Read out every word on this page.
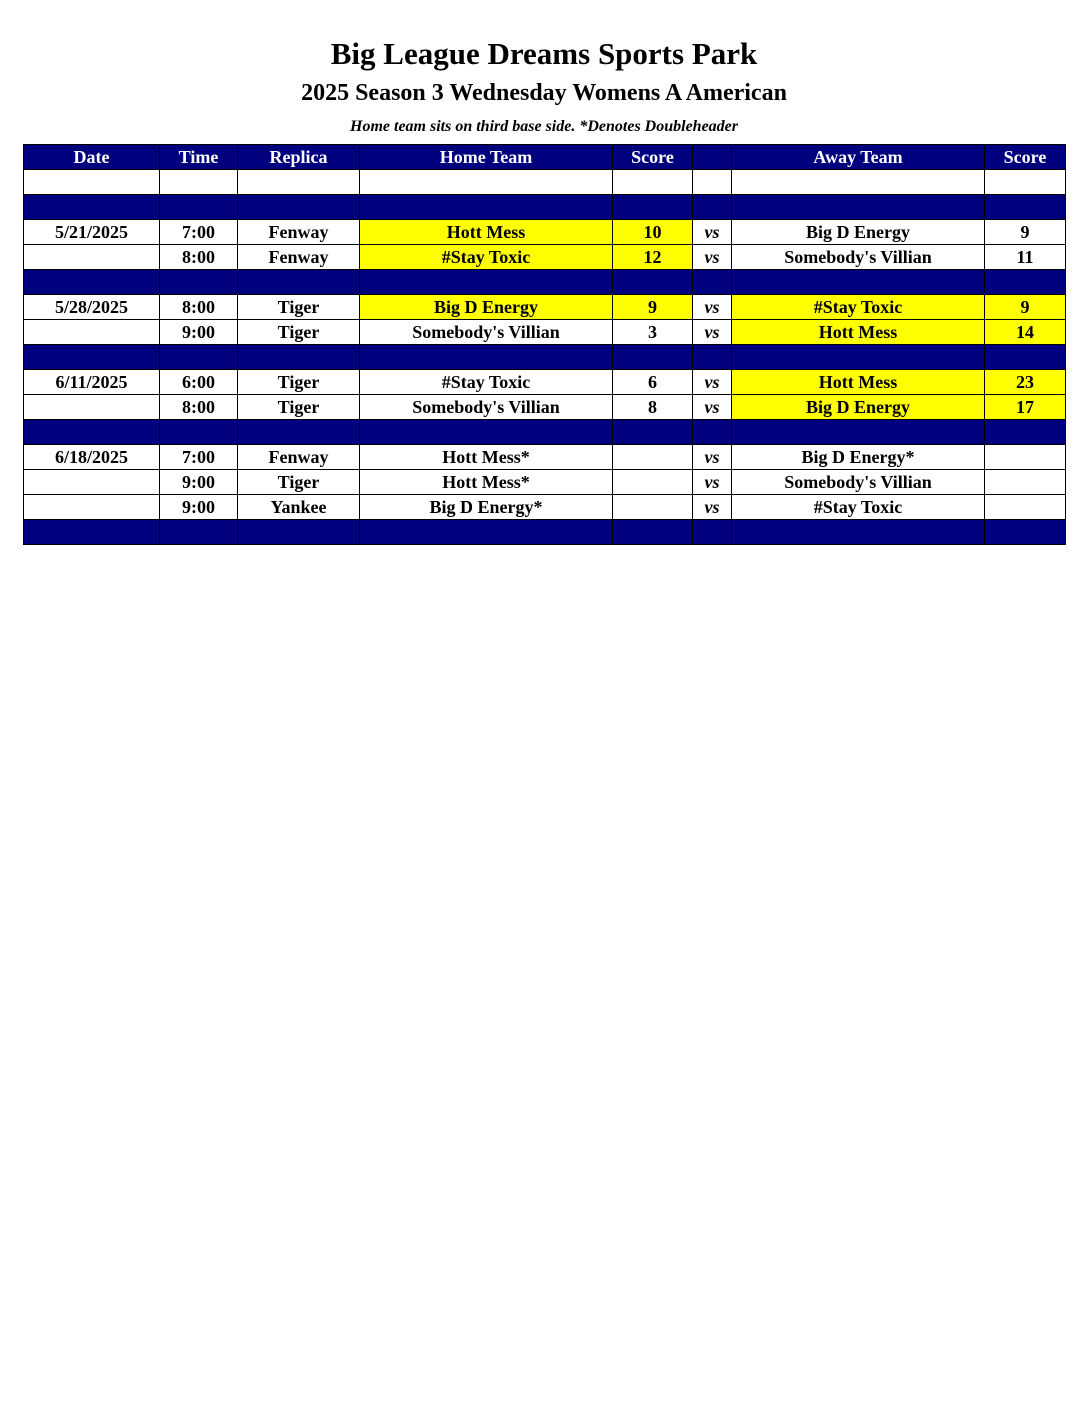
Big League Dreams Sports Park
2025 Season 3 Wednesday Womens A American
Home team sits on third base side. *Denotes Doubleheader
Date	Time	Replica	Home Team	Score		Away Team	Score

5/21/2025	7:00	Fenway	Hott Mess	10	vs	Big D Energy	9
	8:00	Fenway	#Stay Toxic	12	vs	Somebody's Villian	11

5/28/2025	8:00	Tiger	Big D Energy	9	vs	#Stay Toxic	9
	9:00	Tiger	Somebody's Villian	3	vs	Hott Mess	14

6/11/2025	6:00	Tiger	#Stay Toxic	6	vs	Hott Mess	23
	8:00	Tiger	Somebody's Villian	8	vs	Big D Energy	17

6/18/2025	7:00	Fenway	Hott Mess*		vs	Big D Energy*	
	9:00	Tiger	Hott Mess*		vs	Somebody's Villian	
	9:00	Yankee	Big D Energy*		vs	#Stay Toxic	
